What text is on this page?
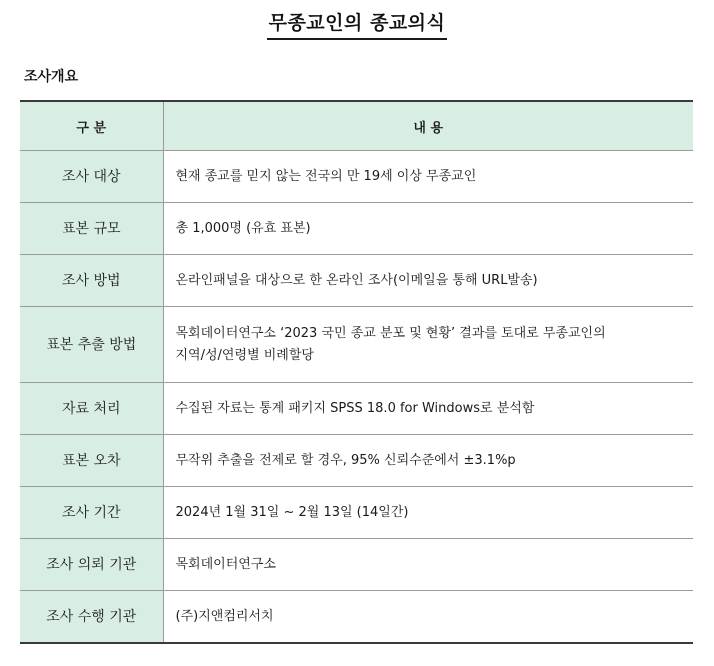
무종교인의 종교의식
조사개요
구 분	내 용
조사 대상	현재 종교를 믿지 않는 전국의 만 19세 이상 무종교인
표본 규모	총 1,000명 (유효 표본)
조사 방법	온라인패널을 대상으로 한 온라인 조사(이메일을 통해 URL발송)
표본 추출 방법	목회데이터연구소 ‘2023 국민 종교 분포 및 현황’ 결과를 토대로 무종교인의
지역/성/연령별 비례할당

자료 처리	수집된 자료는 통계 패키지 SPSS 18.0 for Windows로 분석함
표본 오차	무작위 추출을 전제로 할 경우, 95% 신뢰수준에서 ±3.1%p
조사 기간	2024년 1월 31일 ~ 2월 13일 (14일간)
조사 의뢰 기관	목회데이터연구소
조사 수행 기관	(주)지앤컴리서치
